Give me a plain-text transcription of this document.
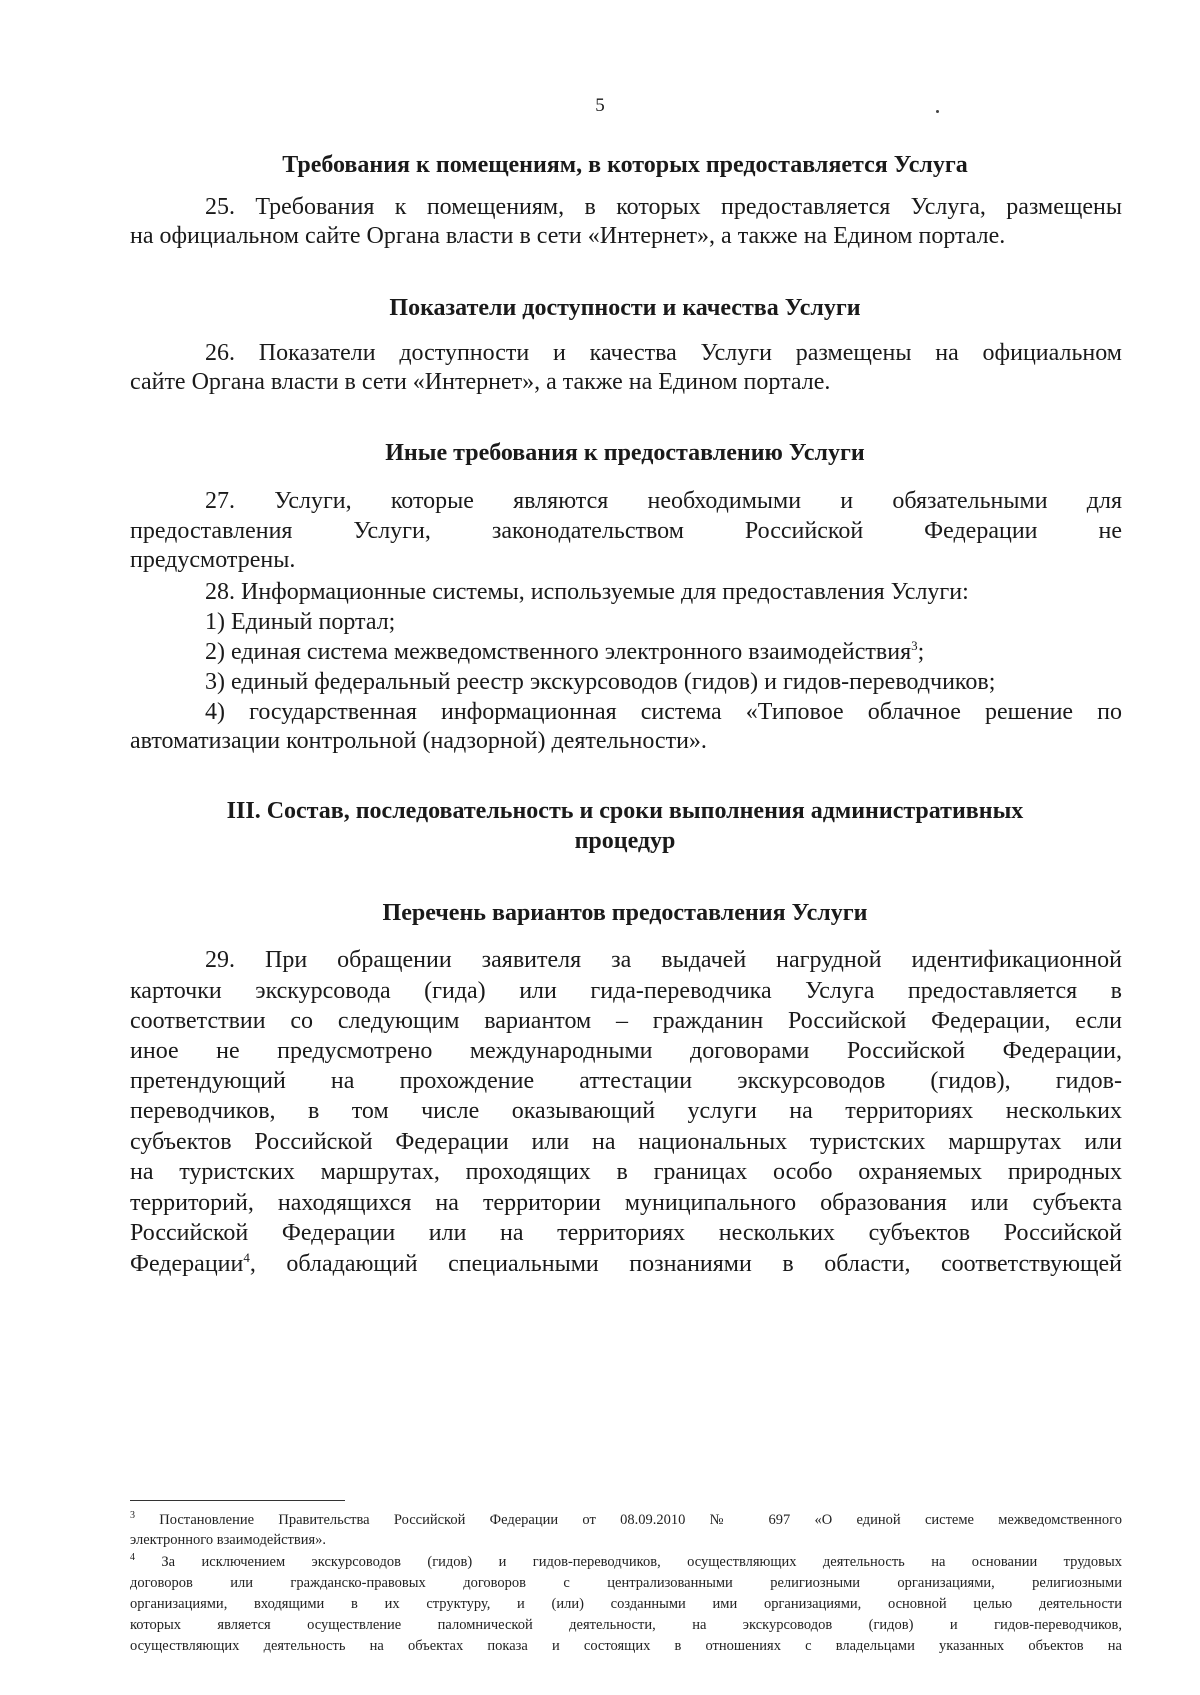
5
Требования к помещениям, в которых предоставляется Услуга
25. Требования к помещениям, в которых предоставляется Услуга, размещены
на официальном сайте Органа власти в сети «Интернет», а также на Едином портале.
Показатели доступности и качества Услуги
26. Показатели доступности и качества Услуги размещены на официальном
сайте Органа власти в сети «Интернет», а также на Едином портале.
Иные требования к предоставлению Услуги
27. Услуги, которые являются необходимыми и обязательными для
предоставления Услуги, законодательством Российской Федерации не
предусмотрены.
28. Информационные системы, используемые для предоставления Услуги:
1) Единый портал;
2) единая система межведомственного электронного взаимодействия$^3$;
3) единый федеральный реестр экскурсоводов (гидов) и гидов-переводчиков;
4) государственная информационная система «Типовое облачное решение по
автоматизации контрольной (надзорной) деятельности».
III. Состав, последовательность и сроки выполнения административных
процедур
Перечень вариантов предоставления Услуги
29. При обращении заявителя за выдачей нагрудной идентификационной
карточки экскурсовода (гида) или гида-переводчика Услуга предоставляется в
соответствии со следующим вариантом – гражданин Российской Федерации, если
иное не предусмотрено международными договорами Российской Федерации,
претендующий на прохождение аттестации экскурсоводов (гидов), гидов-
переводчиков, в том числе оказывающий услуги на территориях нескольких
субъектов Российской Федерации или на национальных туристских маршрутах или
на туристских маршрутах, проходящих в границах особо охраняемых природных
территорий, находящихся на территории муниципального образования или субъекта
Российской Федерации или на территориях нескольких субъектов Российской
Федерации$^4$, обладающий специальными познаниями в области, соответствующей
$^3$ Постановление Правительства Российской Федерации от 08.09.2010 № 697 «О единой системе межведомственного
электронного взаимодействия».
$^4$ За исключением экскурсоводов (гидов) и гидов-переводчиков, осуществляющих деятельность на основании трудовых
договоров или гражданско-правовых договоров с централизованными религиозными организациями, религиозными
организациями, входящими в их структуру, и (или) созданными ими организациями, основной целью деятельности
которых является осуществление паломнической деятельности, на экскурсоводов (гидов) и гидов-переводчиков,
осуществляющих деятельность на объектах показа и состоящих в отношениях с владельцами указанных объектов на
